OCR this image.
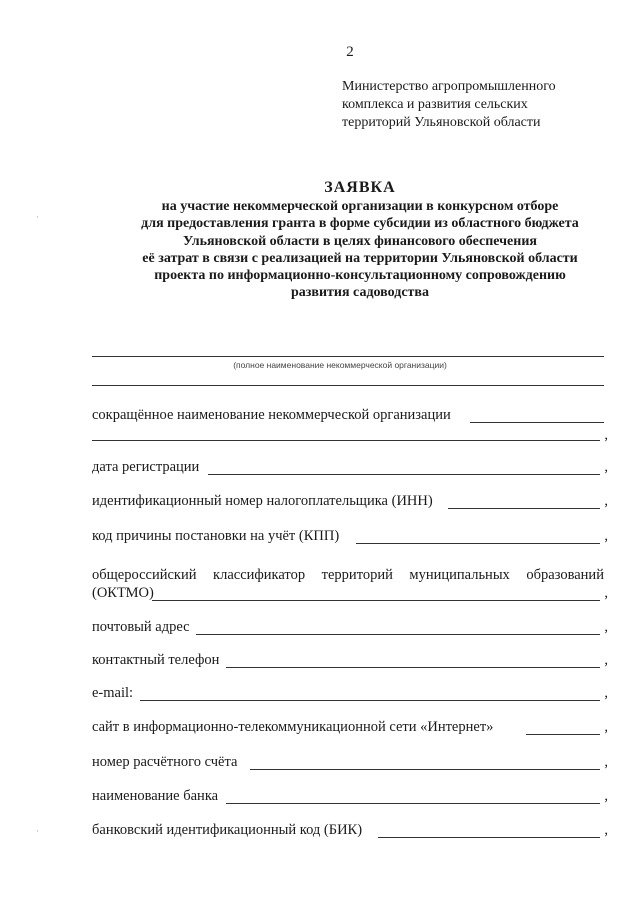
2
Министерство агропромышленного
комплекса и развития сельских
территорий Ульяновской области
ЗАЯВКА
на участие некоммерческой организации в конкурсном отборе
для предоставления гранта в форме субсидии из областного бюджета
Ульяновской области в целях финансового обеспечения
её затрат в связи с реализацией на территории Ульяновской области
проекта по информационно-консультационному сопровождению
развития садоводства
(полное наименование некоммерческой организации)
сокращённое наименование некоммерческой организации
,
дата регистрации	,
идентификационный номер налогоплательщика (ИНН)	,
код причины постановки на учёт (КПП)	,
общероссийский классификатор территорий муниципальных образований
(ОКТМО)	,
почтовый адрес	,
контактный телефон	,
e-mail:	,
сайт в информационно-телекоммуникационной сети «Интернет»	,
номер расчётного счёта	,
наименование банка	,
банковский идентификационный код (БИК)	,
·
·
